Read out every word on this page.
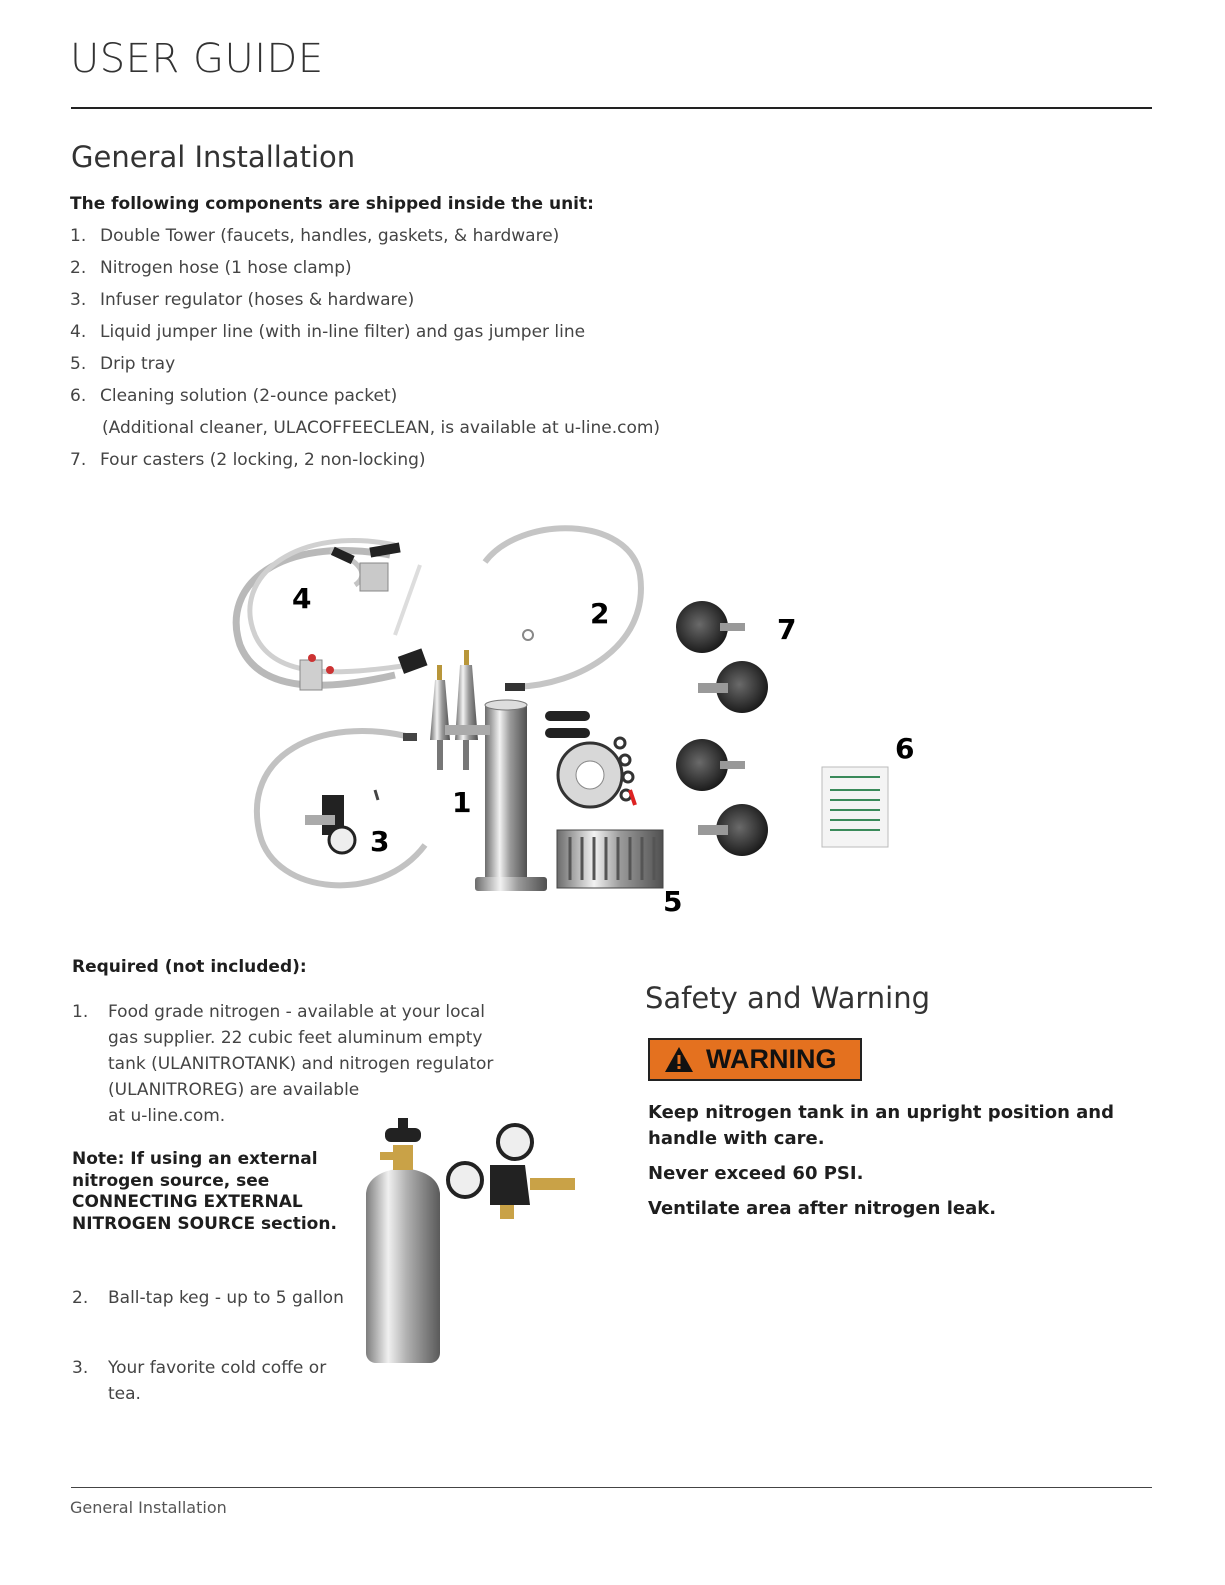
USER GUIDE
General Installation
The following components are shipped inside the unit:
1. Double Tower (faucets, handles, gaskets, & hardware)
2. Nitrogen hose (1 hose clamp)
3. Infuser regulator (hoses & hardware)
4. Liquid jumper line (with in-line filter) and gas jumper line
5. Drip tray
6. Cleaning solution (2-ounce packet)
(Additional cleaner, ULACOFFEECLEAN, is available at u-line.com)
7. Four casters (2 locking, 2 non-locking)
1
2
3
4
5
6
7
Required (not included):
1. Food grade nitrogen - available at your local
gas supplier. 22 cubic feet aluminum empty
tank (ULANITROTANK) and nitrogen regulator
(ULANITROREG) are available
at u-line.com.
Note: If using an external
nitrogen source, see
CONNECTING EXTERNAL
NITROGEN SOURCE section.
2. Ball-tap keg - up to 5 gallon
3. Your favorite cold coffe or
tea.
Safety and Warning
WARNING
Keep nitrogen tank in an upright position and
handle with care.
Never exceed 60 PSI.
Ventilate area after nitrogen leak.
General Installation
